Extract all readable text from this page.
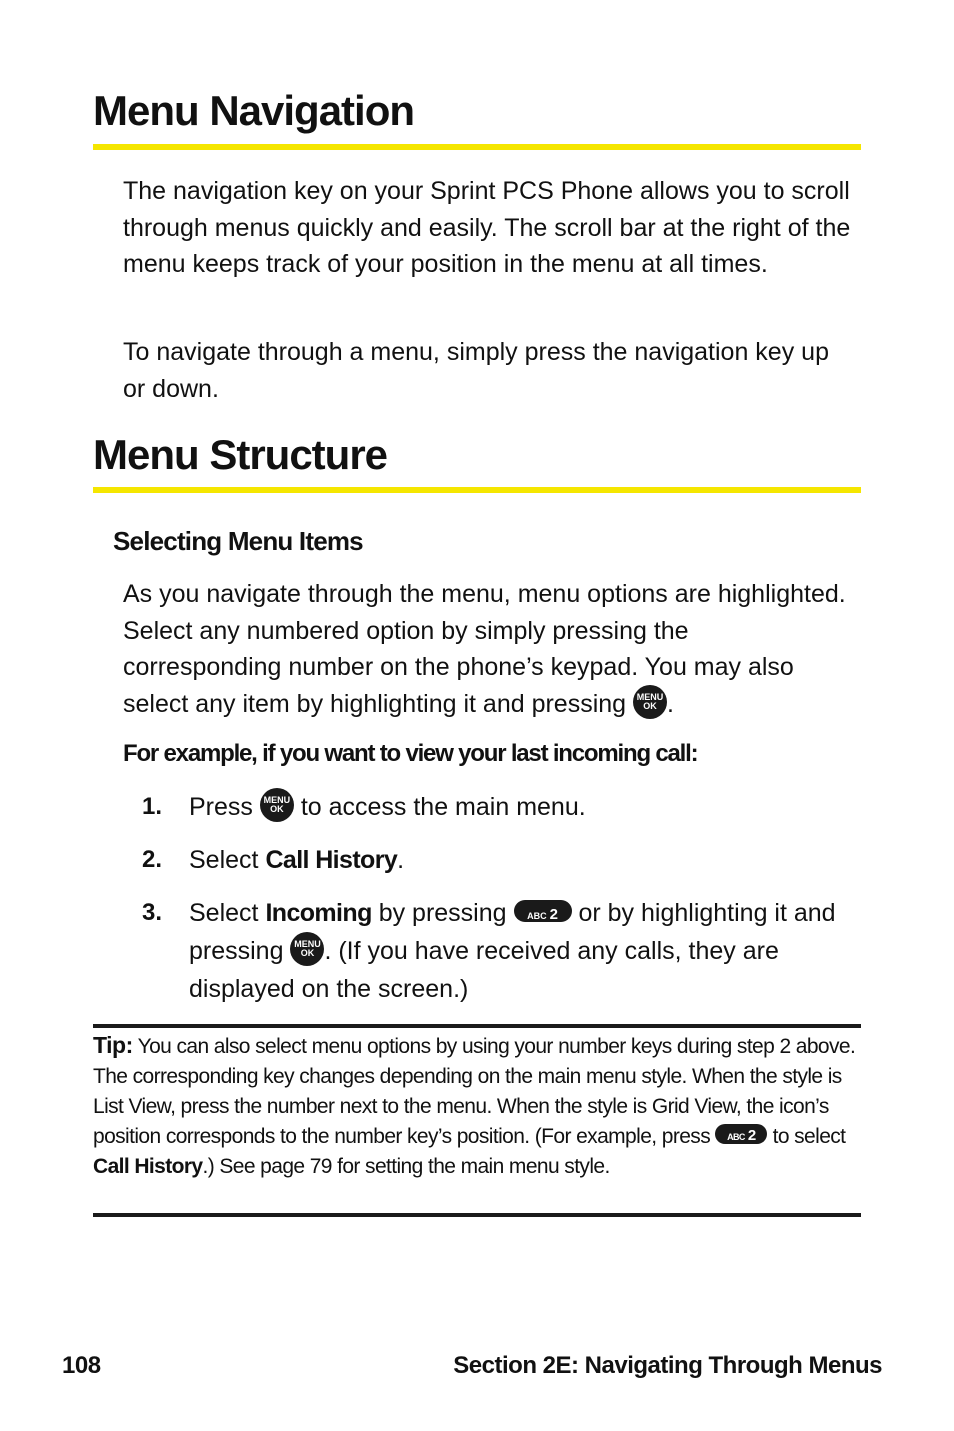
Menu Navigation

The navigation key on your Sprint PCS Phone allows you to scroll through menus quickly and easily. The scroll bar at the right of the menu keeps track of your position in the menu at all times.

To navigate through a menu, simply press the navigation key up or down.

Menu Structure
Selecting Menu Items

As you navigate through the menu, menu options are highlighted. Select any numbered option by simply pressing the corresponding number on the phone’s keypad. You may also select any item by highlighting it and pressing	MENU
OK .

For example, if you want to view your last incoming call:
1.	Press	MENU
OK to access the main menu.
2.	Select Call History.
3.	Select Incoming by pressing ABC 2 or by highlighting it and pressing	MENU
OK . (If you have received any calls, they are displayed on the screen.)
Tip: You can also select menu options by using your number keys during step 2 above. The corresponding key changes depending on the main menu style. When the style is List View, press the number next to the menu. When the style is Grid View, the icon’s position corresponds to the number key’s position. (For example, press ABC 2 to select Call History.) See page 79 for setting the main menu style.
108	Section 2E: Navigating Through Menus
